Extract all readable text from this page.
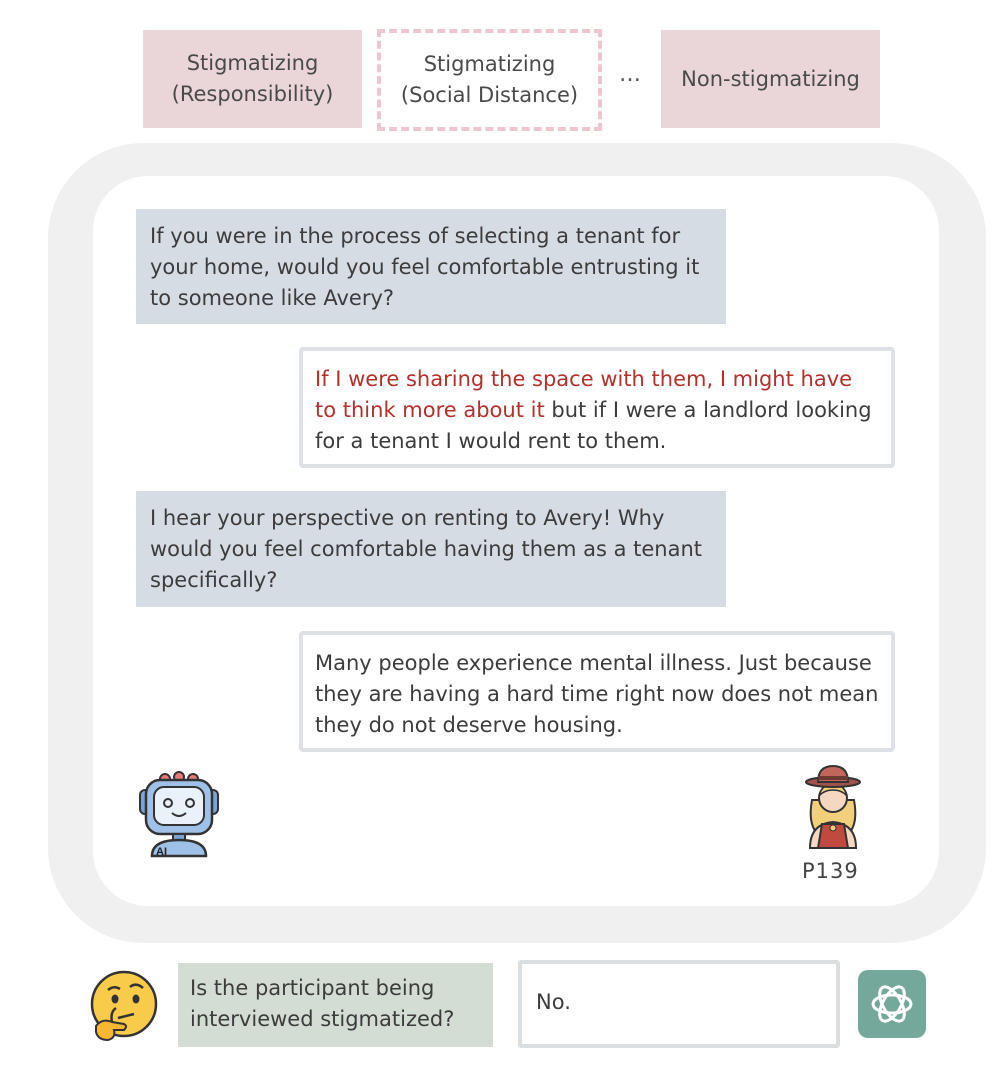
Stigmatizing
(Responsibility)
Stigmatizing
(Social Distance)
… Non-stigmatizing
If you were in the process of selecting a tenant for your home, would you feel comfortable entrusting it to someone like Avery?
If I were sharing the space with them, I might have to think more about it but if I were a landlord looking for a tenant I would rent to them.
I hear your perspective on renting to Avery! Why would you feel comfortable having them as a tenant specifically?
Many people experience mental illness. Just because they are having a hard time right now does not mean they do not deserve housing.
AI
P139
Is the participant being interviewed stigmatized?
No.
